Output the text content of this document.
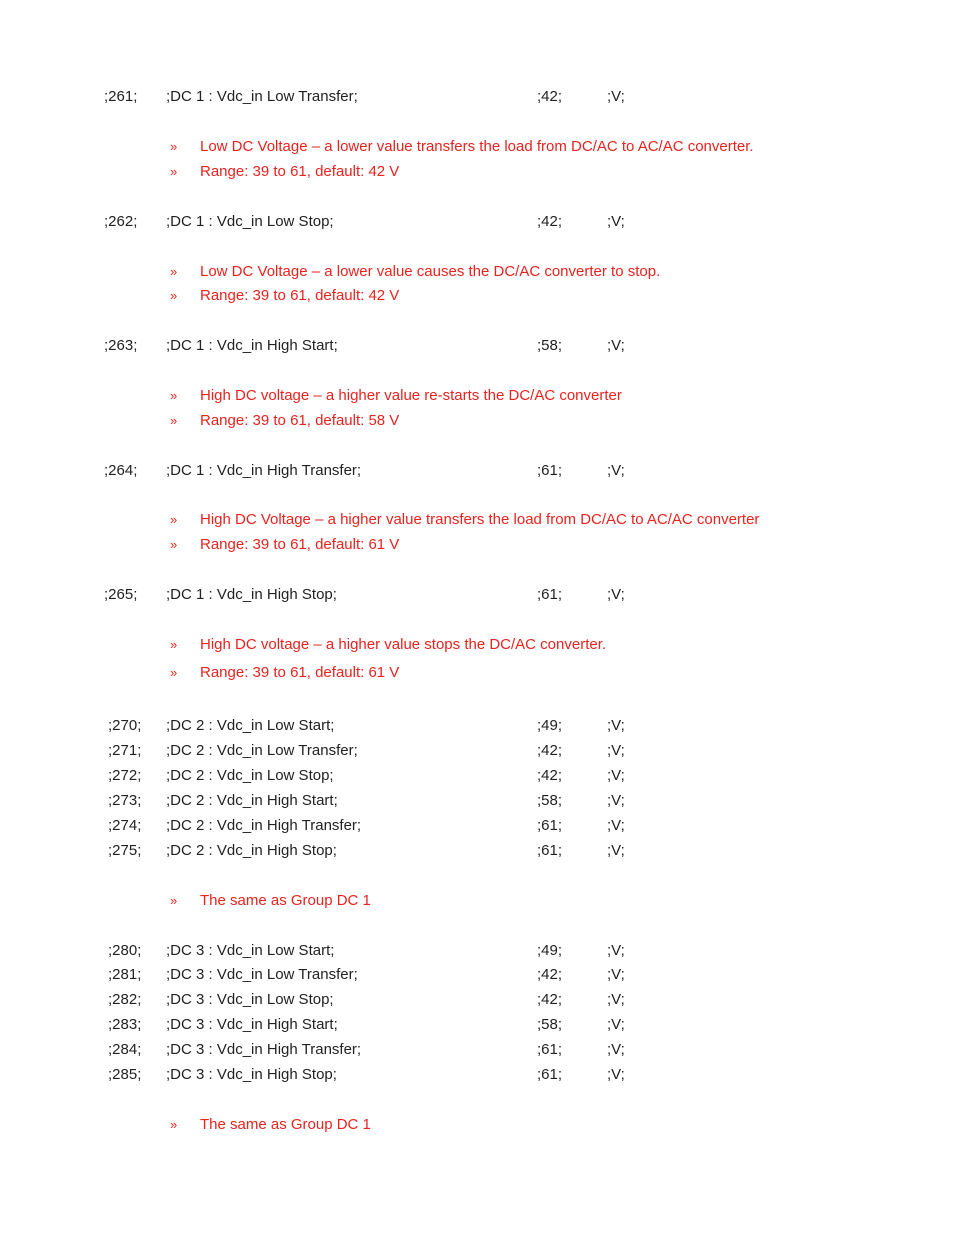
;261; ;DC 1 : Vdc_in Low Transfer;	;42;	;V;
» Low DC Voltage – a lower value transfers the load from DC/AC to AC/AC converter.
» Range: 39 to 61, default: 42 V
;262; ;DC 1 : Vdc_in Low Stop;	;42;	;V;
» Low DC Voltage – a lower value causes the DC/AC converter to stop.
» Range: 39 to 61, default: 42 V
;263; ;DC 1 : Vdc_in High Start;	;58;	;V;
» High DC voltage – a higher value re-starts the DC/AC converter
» Range: 39 to 61, default: 58 V
;264; ;DC 1 : Vdc_in High Transfer;	;61;	;V;
» High DC Voltage – a higher value transfers the load from DC/AC to AC/AC converter
» Range: 39 to 61, default: 61 V
;265; ;DC 1 : Vdc_in High Stop;	;61;	;V;
» High DC voltage – a higher value stops the DC/AC converter.
» Range: 39 to 61, default: 61 V
;270; ;DC 2 : Vdc_in Low Start;	;49;	;V;
;271; ;DC 2 : Vdc_in Low Transfer;	;42;	;V;
;272; ;DC 2 : Vdc_in Low Stop;	;42;	;V;
;273; ;DC 2 : Vdc_in High Start;	;58;	;V;
;274; ;DC 2 : Vdc_in High Transfer;	;61;	;V;
;275; ;DC 2 : Vdc_in High Stop;	;61;	;V;
» The same as Group DC 1
;280; ;DC 3 : Vdc_in Low Start;	;49;	;V;
;281; ;DC 3 : Vdc_in Low Transfer;	;42;	;V;
;282; ;DC 3 : Vdc_in Low Stop;	;42;	;V;
;283; ;DC 3 : Vdc_in High Start;	;58;	;V;
;284; ;DC 3 : Vdc_in High Transfer;	;61;	;V;
;285; ;DC 3 : Vdc_in High Stop;	;61;	;V;
» The same as Group DC 1
